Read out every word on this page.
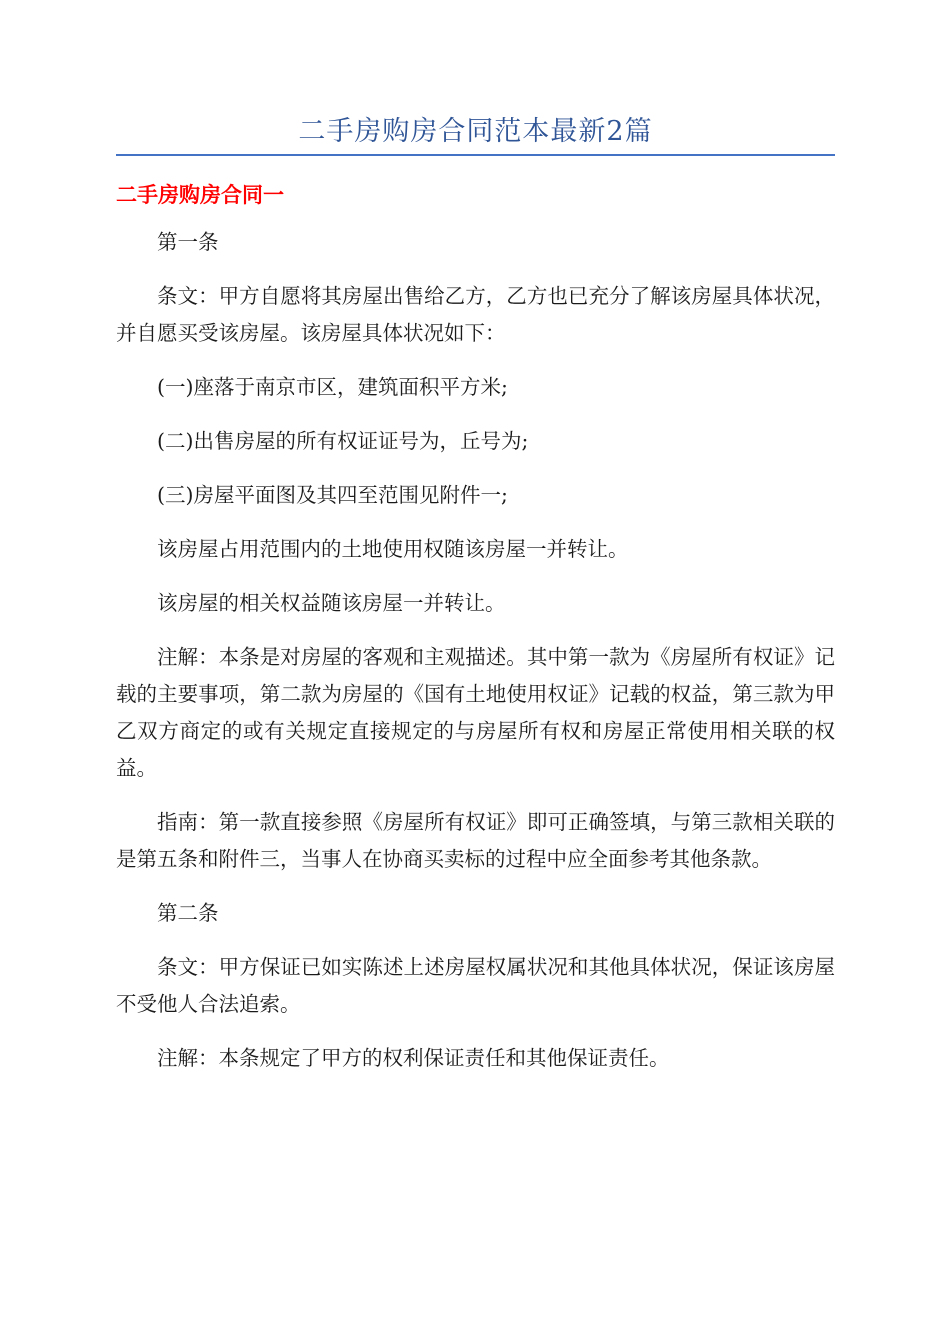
二手房购房合同范本最新2篇
二手房购房合同一

第一条

条文：甲方自愿将其房屋出售给乙方，乙方也已充分了解该房屋具体状况，并自愿买受该房屋。该房屋具体状况如下：

(一)座落于南京市区，建筑面积平方米;

(二)出售房屋的所有权证证号为，丘号为;

(三)房屋平面图及其四至范围见附件一;

该房屋占用范围内的土地使用权随该房屋一并转让。

该房屋的相关权益随该房屋一并转让。

注解：本条是对房屋的客观和主观描述。其中第一款为《房屋所有权证》记载的主要事项，第二款为房屋的《国有土地使用权证》记载的权益，第三款为甲乙双方商定的或有关规定直接规定的与房屋所有权和房屋正常使用相关联的权益。

指南：第一款直接参照《房屋所有权证》即可正确签填，与第三款相关联的是第五条和附件三，当事人在协商买卖标的过程中应全面参考其他条款。

第二条

条文：甲方保证已如实陈述上述房屋权属状况和其他具体状况，保证该房屋不受他人合法追索。

注解：本条规定了甲方的权利保证责任和其他保证责任。
